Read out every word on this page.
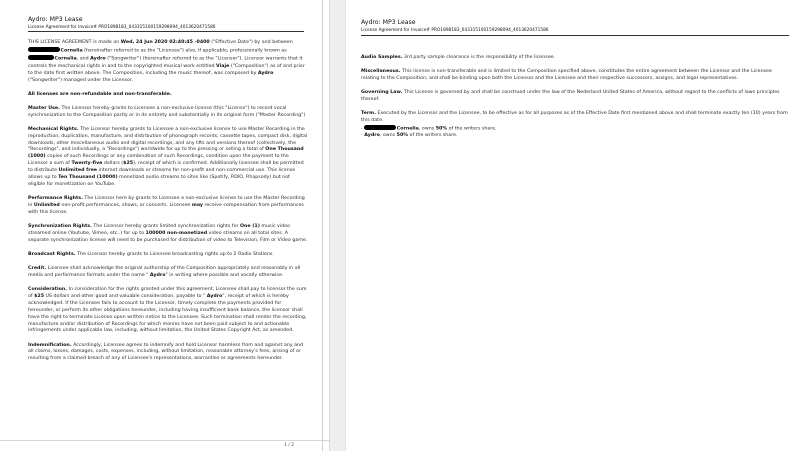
Aydro: MP3 Lease
License Agreement for Invoice# PRO1898183_043315100159298094_4013620471586

THIS LICENSE AGREEMENT is made on Wed, 24 Jun 2020 02:40:45 -0400 ("Effective Date") by and betweenCornelia (hereinafter referred to as the "Licensee") also, if applicable, professionally known as Cornelia, and Aydro ("Songwriter") (hereinafter referred to as the "Licensor"). Licensor warrants that it controls the mechanical rights in and to the copyrighted musical work entitled Viaje ("Composition") as of and prior to the date first written above. The Composition, including the music thereof, was composed by Aydro ("Songwriter") managed under the Licensor.

All licenses are non-refundable and non-transferable.

Master Use. The Licensor hereby grants to Licensee a non-exclusive license (this "License") to record vocal synchronization to the Composition partly or in its entirety and substantially in its original form ("Master Recording")

Mechanical Rights. The Licensor hereby grants to Licensee a non-exclusive license to use Master Recording in the reproduction, duplication, manufacture, and distribution of phonograph records, cassette tapes, compact disk, digital downloads, other miscellaneous audio and digital recordings, and any lifts and versions thereof (collectively, the "Recordings", and individually, a "Recordings") worldwide for up to the pressing or selling a total of One Thousand (1000) copies of such Recordings or any combination of such Recordings, condition upon the payment to the Licensor a sum of Twenty-five dollars ($25), receipt of which is confirmed. Additionally licensee shall be permitted to distribute Unlimited free internet downloads or streams for non-profit and non-commercial use. This license allows up to Ten Thousand (10000) monetized audio streams to sites like (Spotify, RDIO, Rhapsody) but not eligible for monetization on YouTube.

Performance Rights. The Licensor here by grants to Licensee a non-exclusive license to use the Master Recording in Unlimited non-profit performances, shows, or concerts. Licensee may receive compensation from performances with this license.

Synchronization Rights. The Licensor hereby grants limited synchronization rights for One (1) music video streamed online (Youtube, Vimeo, etc..) for up to 100000 non-monetized video streams on all total sites. A separate synchronization license will need to be purchased for distribution of video to Television, Film or Video game.

Broadcast Rights. The Licensor hereby grants to Licensee broadcasting rights up to 2 Radio Stations.

Credit. Licensee shall acknowledge the original authorship of the Composition appropriately and reasonably in all media and performance formats under the name " Aydro" in writing where possible and vocally otherwise.

Consideration. In consideration for the rights granted under this agreement, Licensee shall pay to licensor the sum of $25 US dollars and other good and valuable consideration, payable to " Aydro", receipt of which is hereby acknowledged. If the Licensee fails to account to the Licensor, timely complete the payments provided for hereunder, or perform its other obligations hereunder, including having insufficient bank balance, the licensor shall have the right to terminate License upon written notice to the Licensee. Such termination shall render the recording, manufacture and/or distribution of Recordings for which monies have not been paid subject to and actionable infringements under applicable law, including, without limitation, the United States Copyright Act, as amended.

Indemnification. Accordingly, Licensee agrees to indemnify and hold Licensor harmless from and against any and all claims, losses, damages, costs, expenses, including, without limitation, reasonable attorney's fees, arising of or resulting from a claimed breach of any of Licensee's representations, warranties or agreements hereunder.

1 / 2
Aydro: MP3 Lease
License Agreement for Invoice# PRO1898183_043315100159298094_4013620471586

Audio Samples. 3rd party sample clearance is the responsibility of the licensee.

Miscellaneous. This license is non-transferable and is limited to the Composition specified above, constitutes the entire agreement between the Licensor and the Licensee relating to the Composition, and shall be binding upon both the Licensor and the Licensee and their respective successors, assigns, and legal representatives.

Governing Law. This License is governed by and shall be construed under the law of the Nederland United States of America, without regard to the conflicts of laws principles thereof.

Term. Executed by the Licensor and the Licensee, to be effective as for all purposes as of the Effective Date first mentioned above and shall terminate exactly ten (10) years from this date.
-	Cornelia, owns 50% of the writers share.
- Aydro, owns 50% of the writers share.
